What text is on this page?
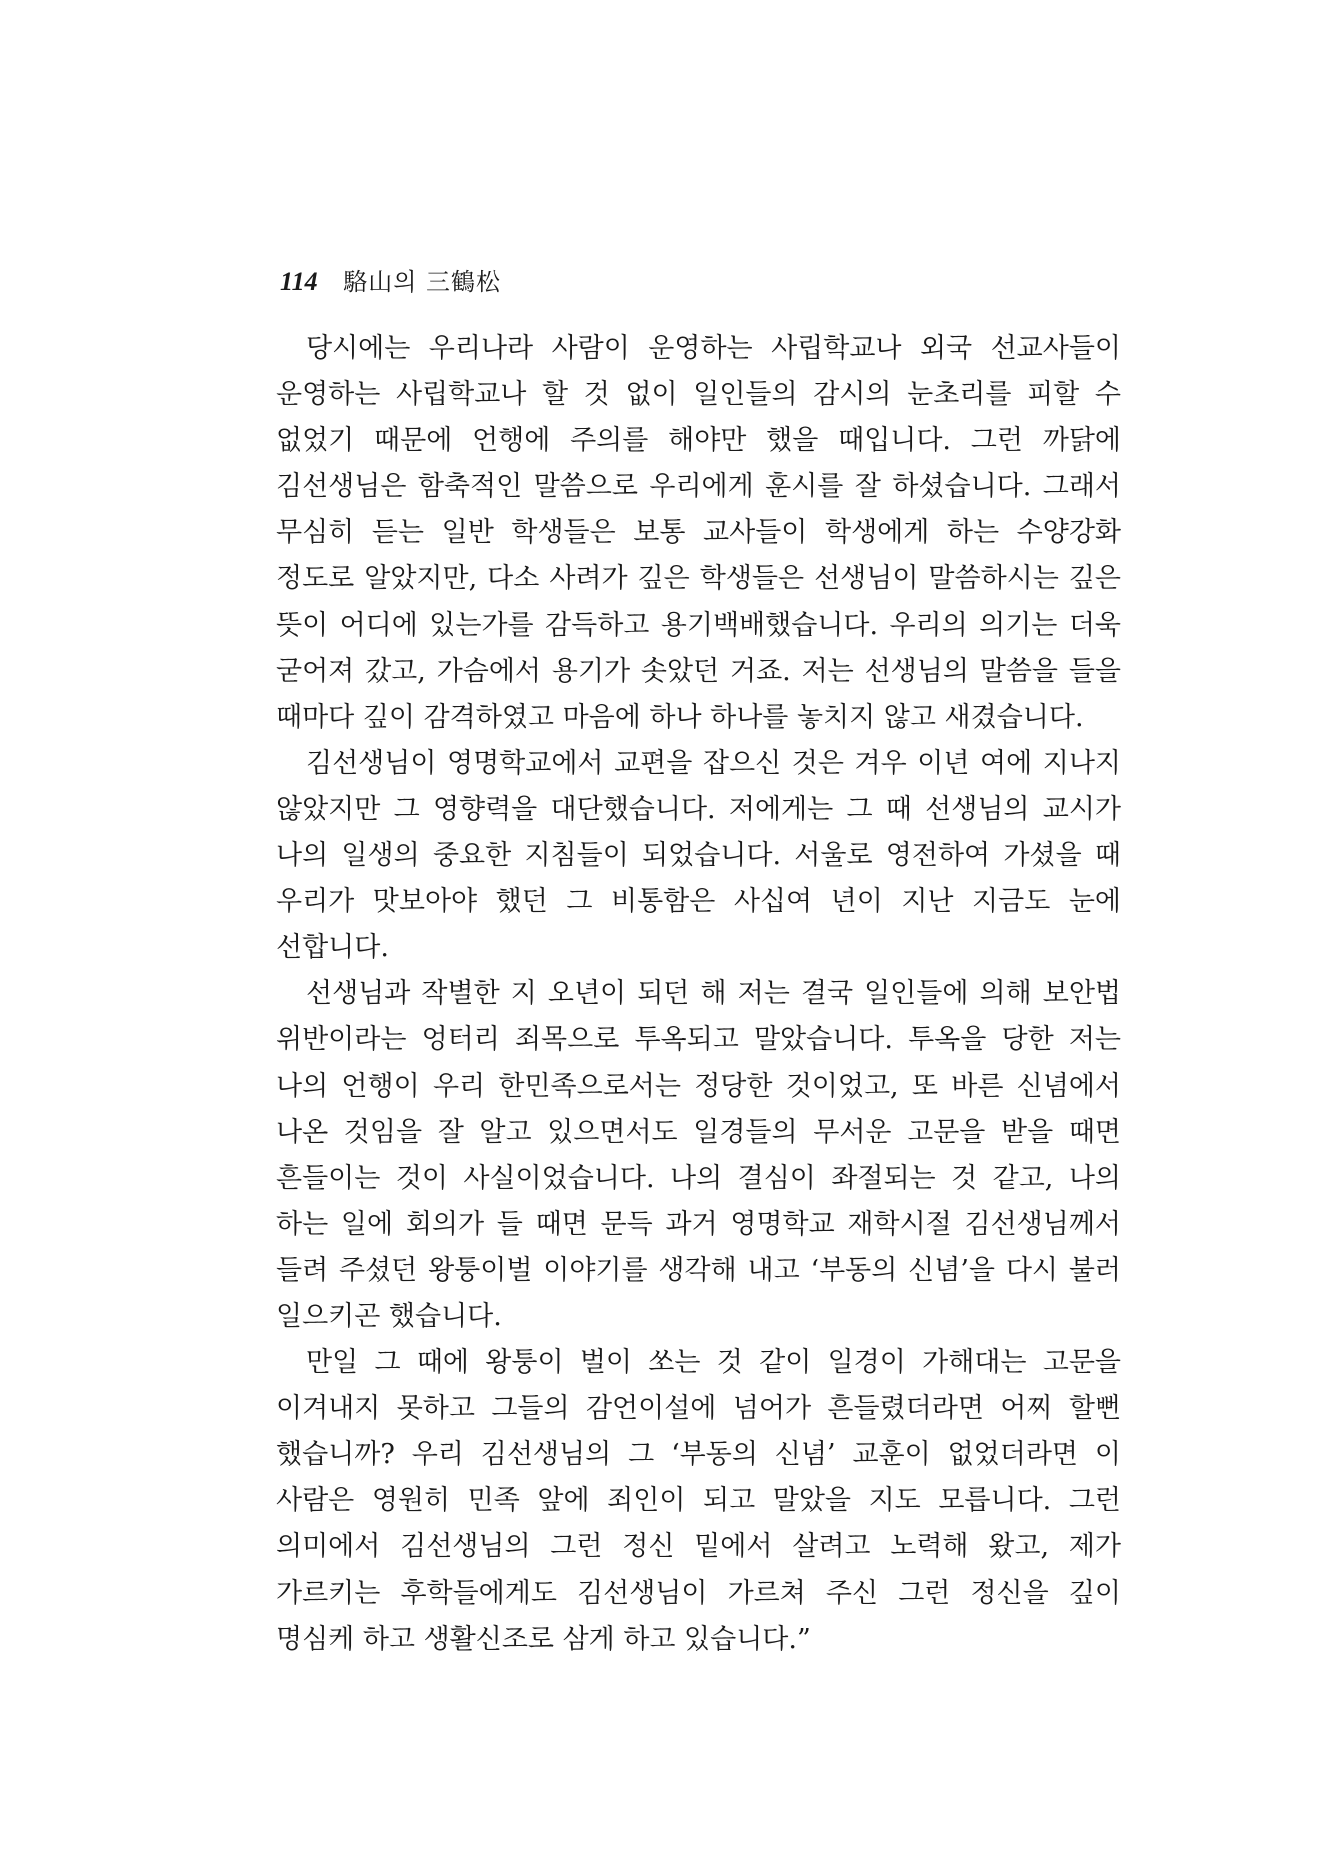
114 駱山의 三鶴松

당시에는 우리나라 사람이 운영하는 사립학교나 외국 선교사들이 운영하는 사립학교나 할 것 없이 일인들의 감시의 눈초리를 피할 수 없었기 때문에 언행에 주의를 해야만 했을 때입니다. 그런 까닭에 김선생님은 함축적인 말씀으로 우리에게 훈시를 잘 하셨습니다. 그래서 무심히 듣는 일반 학생들은 보통 교사들이 학생에게 하는 수양강화 정도로 알았지만, 다소 사려가 깊은 학생들은 선생님이 말씀하시는 깊은 뜻이 어디에 있는가를 감득하고 용기백배했습니다. 우리의 의기는 더욱 굳어져 갔고, 가슴에서 용기가 솟았던 거죠. 저는 선생님의 말씀을 들을 때마다 깊이 감격하였고 마음에 하나 하나를 놓치지 않고 새겼습니다.

김선생님이 영명학교에서 교편을 잡으신 것은 겨우 이년 여에 지나지 않았지만 그 영향력을 대단했습니다. 저에게는 그 때 선생님의 교시가 나의 일생의 중요한 지침들이 되었습니다. 서울로 영전하여 가셨을 때 우리가 맛보아야 했던 그 비통함은 사십여 년이 지난 지금도 눈에 선합니다.

선생님과 작별한 지 오년이 되던 해 저는 결국 일인들에 의해 보안법 위반이라는 엉터리 죄목으로 투옥되고 말았습니다. 투옥을 당한 저는 나의 언행이 우리 한민족으로서는 정당한 것이었고, 또 바른 신념에서 나온 것임을 잘 알고 있으면서도 일경들의 무서운 고문을 받을 때면 흔들이는 것이 사실이었습니다. 나의 결심이 좌절되는 것 같고, 나의 하는 일에 회의가 들 때면 문득 과거 영명학교 재학시절 김선생님께서 들려 주셨던 왕퉁이벌 이야기를 생각해 내고 ‘부동의 신념’을 다시 불러 일으키곤 했습니다.

만일 그 때에 왕퉁이 벌이 쏘는 것 같이 일경이 가해대는 고문을 이겨내지 못하고 그들의 감언이설에 넘어가 흔들렸더라면 어찌 할뻔 했습니까? 우리 김선생님의 그 ‘부동의 신념’ 교훈이 없었더라면 이 사람은 영원히 민족 앞에 죄인이 되고 말았을 지도 모릅니다. 그런 의미에서 김선생님의 그런 정신 밑에서 살려고 노력해 왔고, 제가 가르키는 후학들에게도 김선생님이 가르쳐 주신 그런 정신을 깊이 명심케 하고 생활신조로 삼게 하고 있습니다.”
